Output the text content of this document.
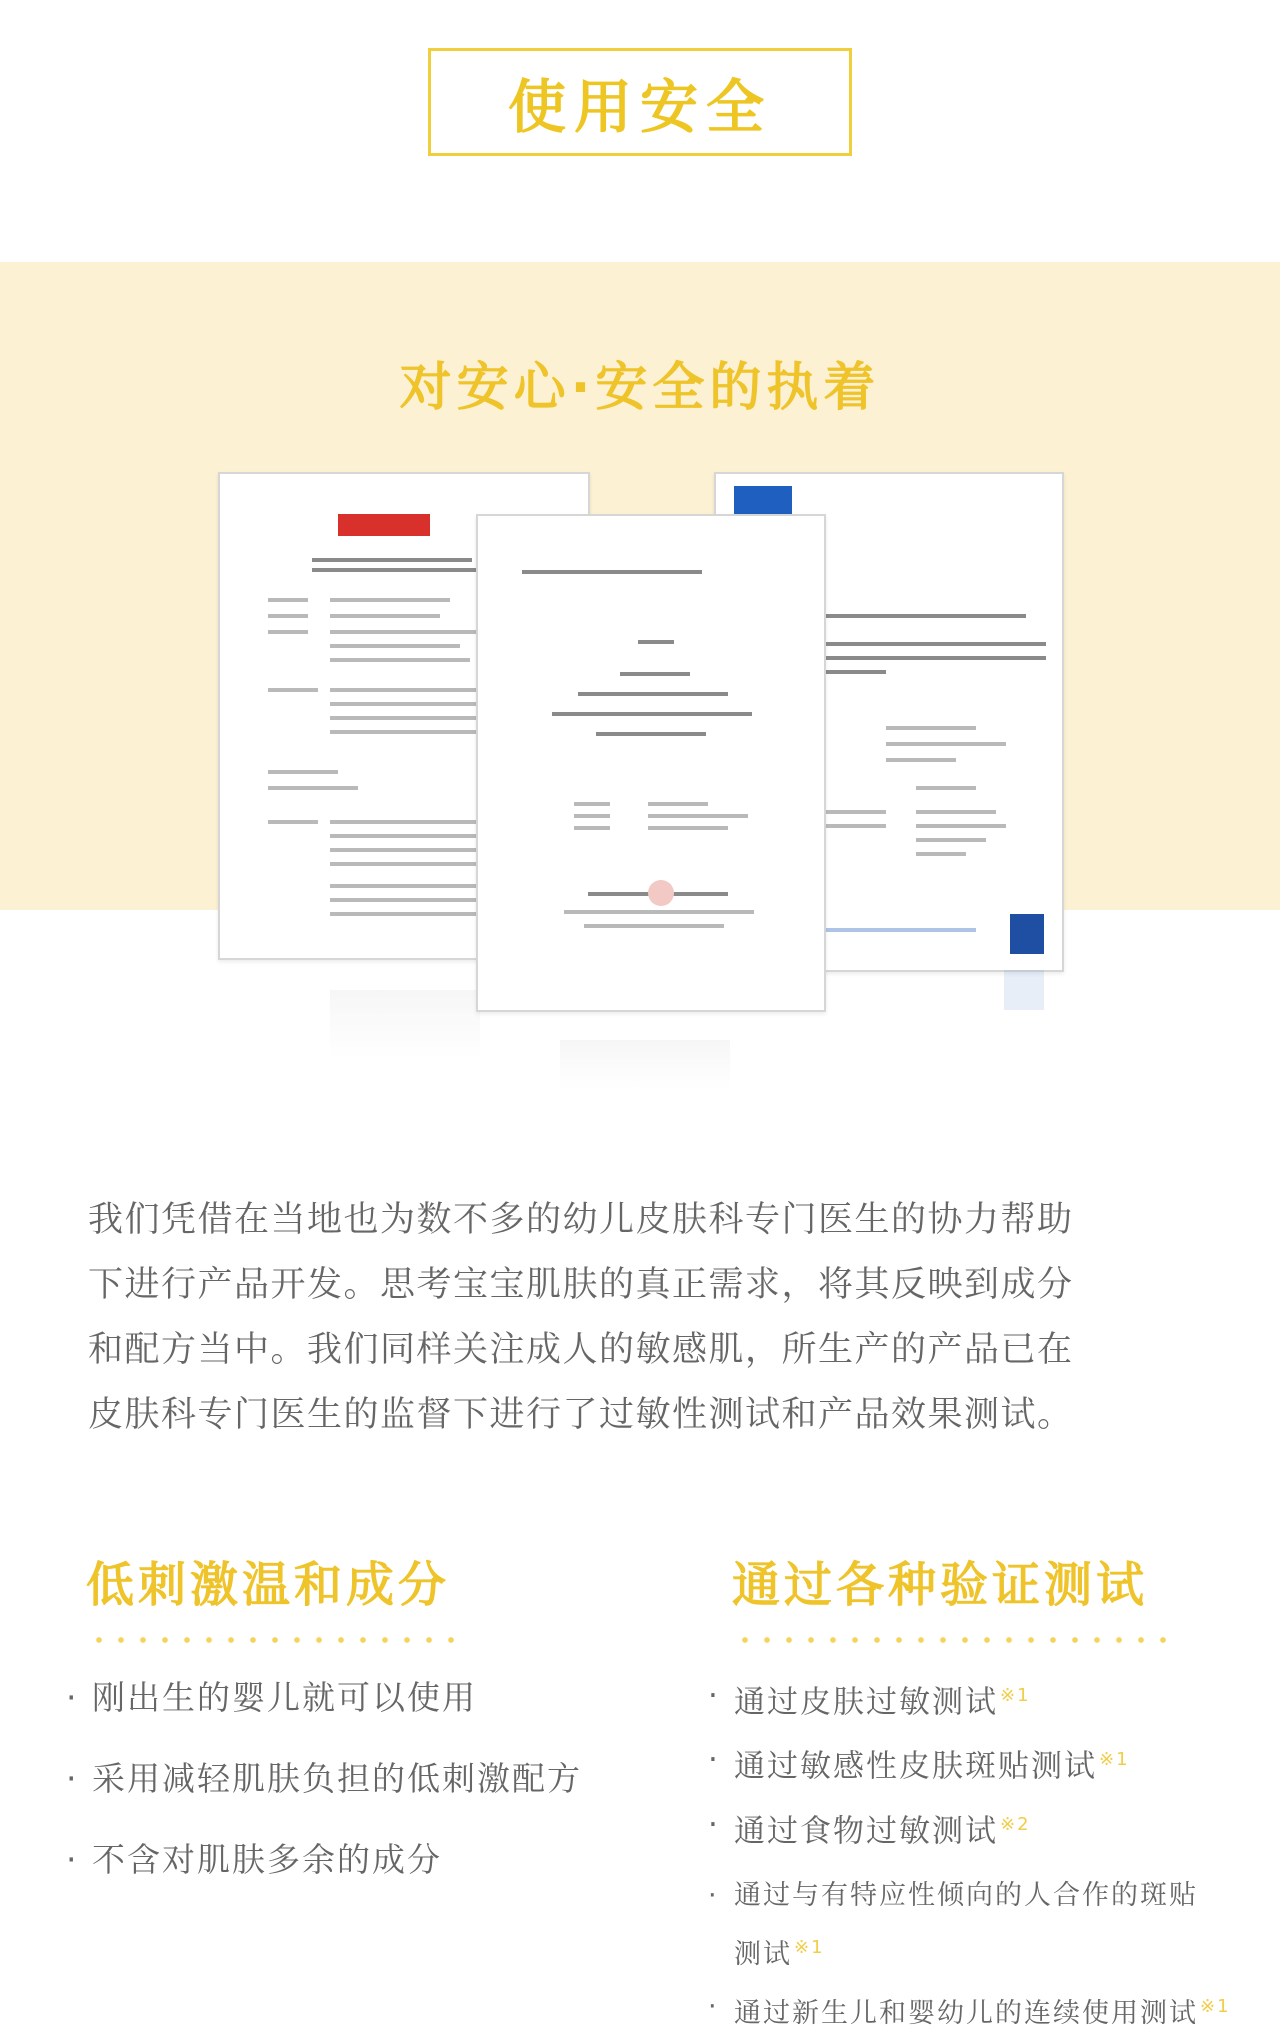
使用安全
对安心·安全的执着
我们凭借在当地也为数不多的幼儿皮肤科专门医生的协力帮助
下进行产品开发。思考宝宝肌肤的真正需求，将其反映到成分
和配方当中。我们同样关注成人的敏感肌，所生产的产品已在
皮肤科专门医生的监督下进行了过敏性测试和产品效果测试。
低刺激温和成分
· 刚出生的婴儿就可以使用
· 采用减轻肌肤负担的低刺激配方
· 不含对肌肤多余的成分
通过各种验证测试
· 通过皮肤过敏测试 $^{※1}$
· 通过敏感性皮肤斑贴测试 $^{※1}$
· 通过食物过敏测试 $^{※2}$
· 通过与有特应性倾向的人合作的斑贴
测试 $^{※1}$
· 通过新生儿和婴幼儿的连续使用测试 $^{※1}$
